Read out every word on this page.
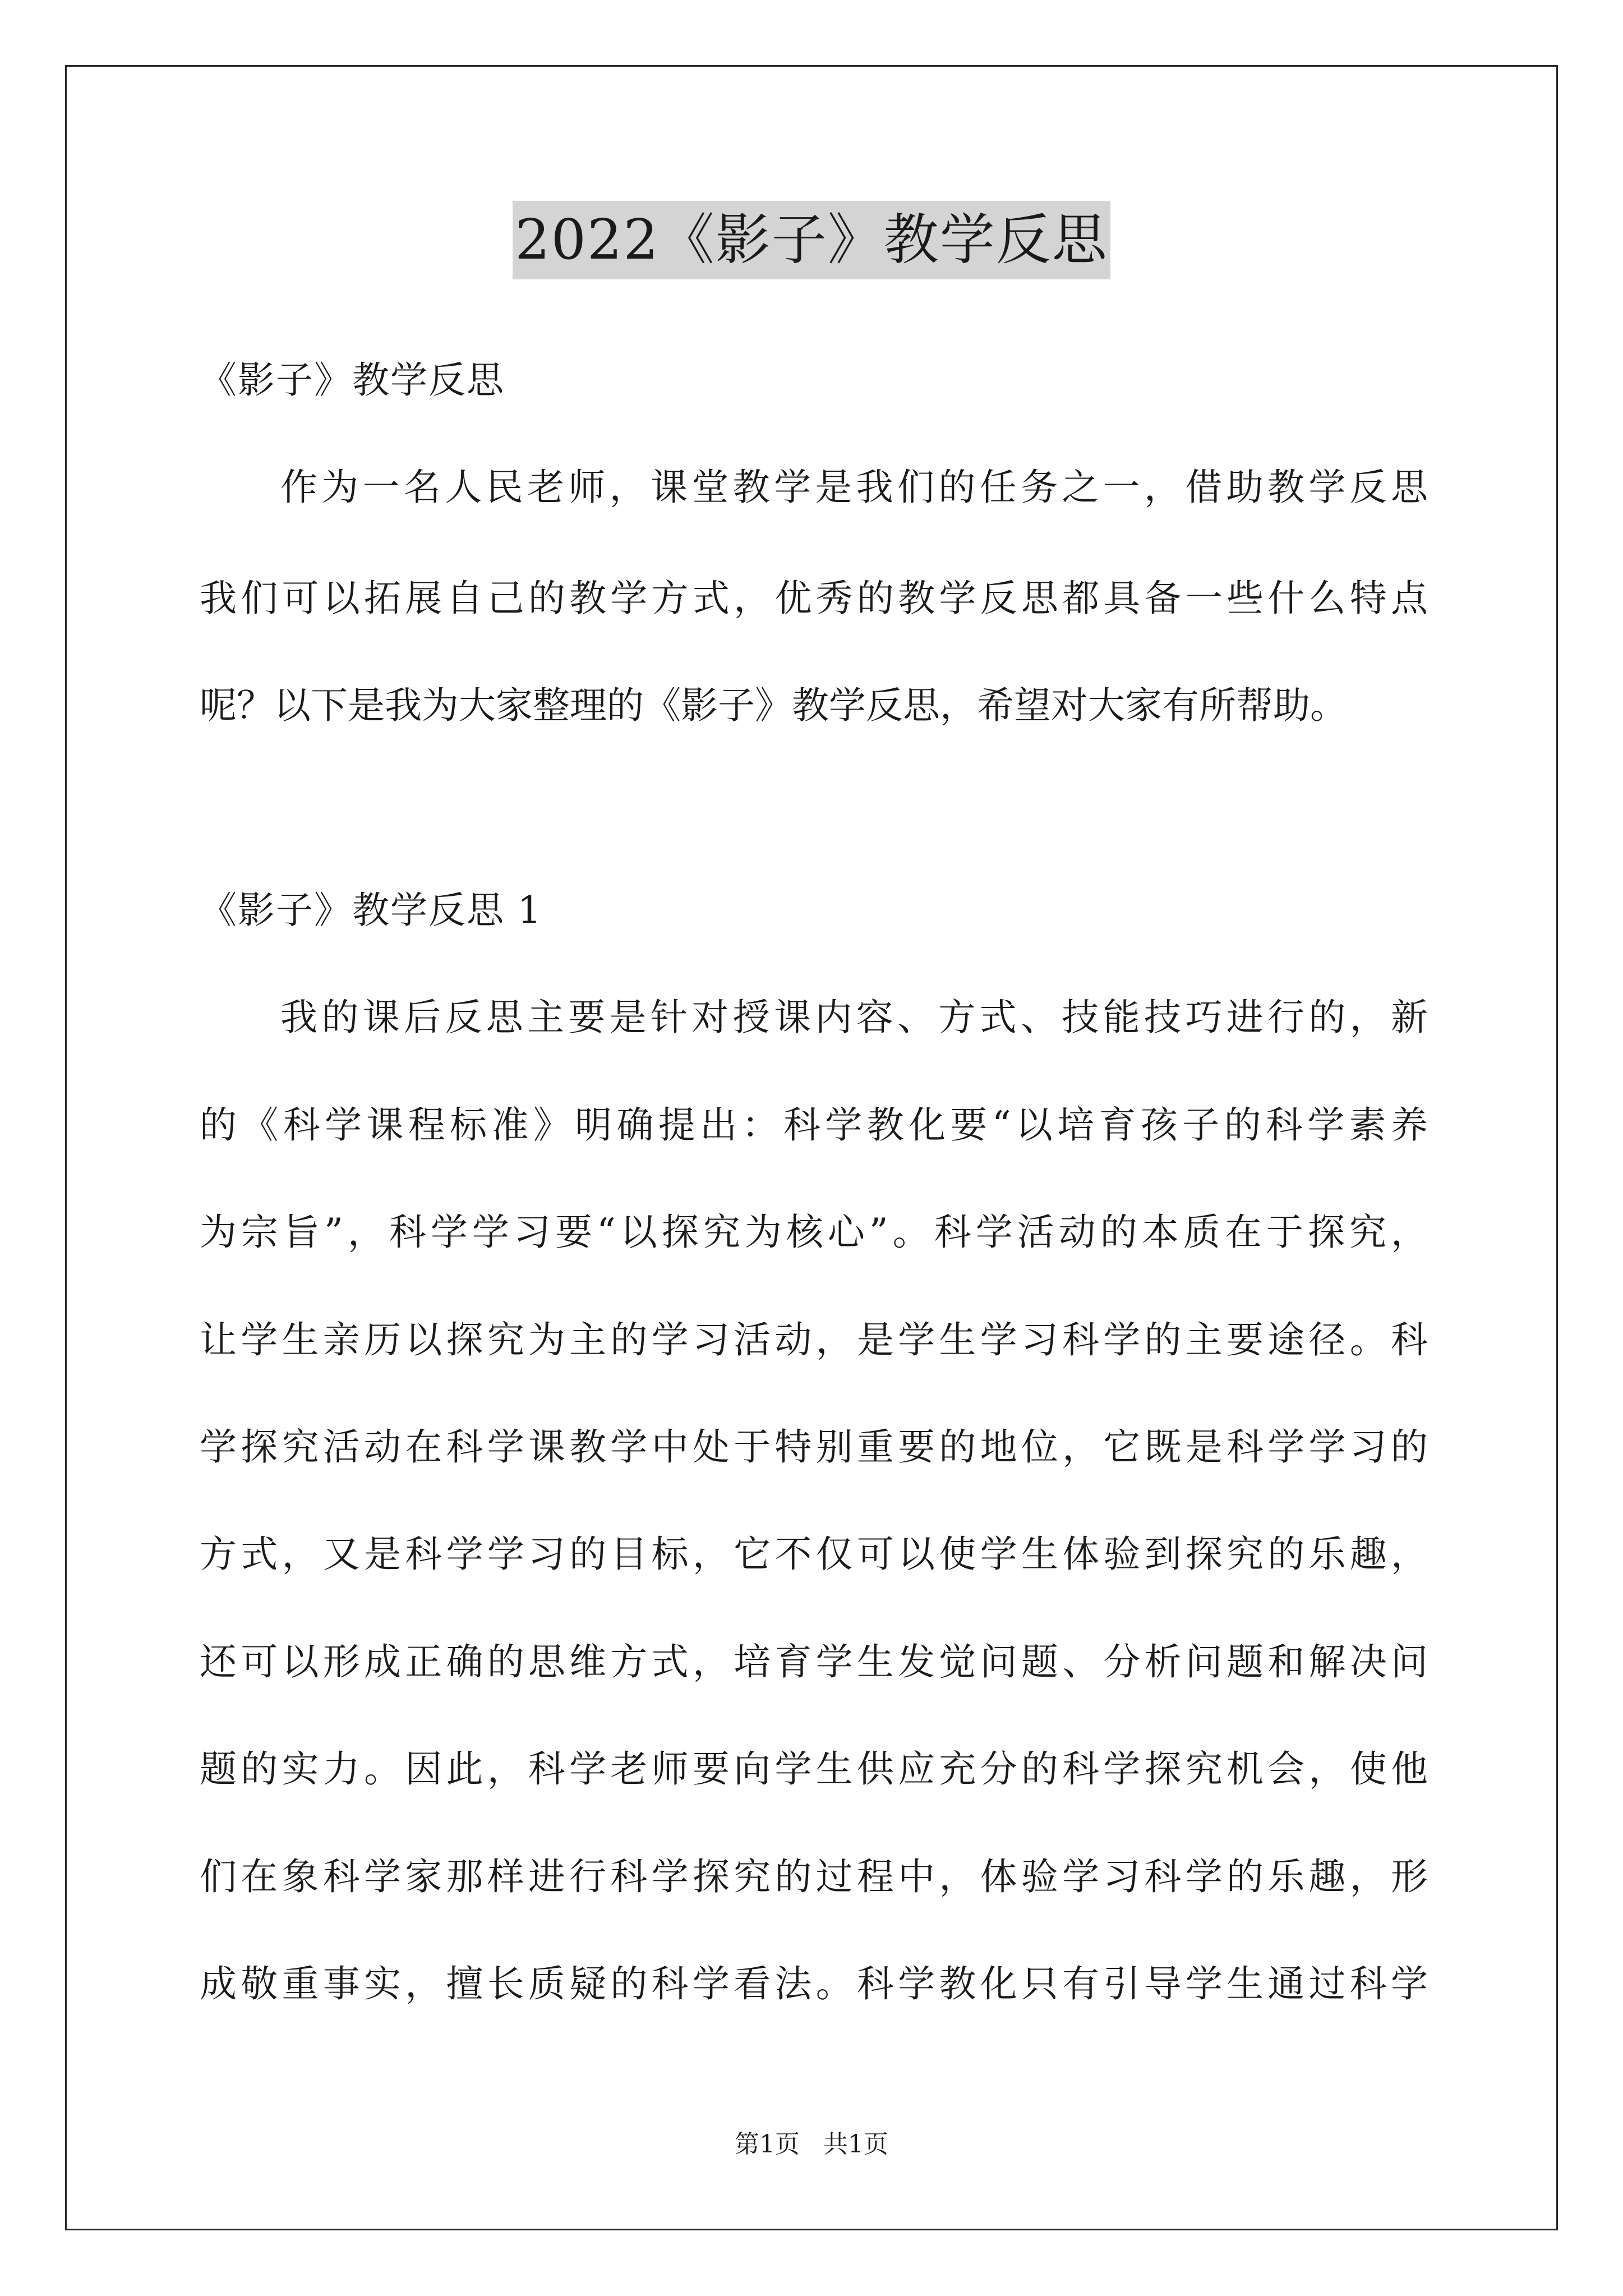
2022《影子》教学反思
《影子》教学反思
作为一名人民老师，课堂教学是我们的任务之一，借助教学反思
我们可以拓展自己的教学方式，优秀的教学反思都具备一些什么特点
呢？以下是我为大家整理的《影子》教学反思，希望对大家有所帮助。
《影子》教学反思 1
我的课后反思主要是针对授课内容、方式、技能技巧进行的，新
的《科学课程标准》明确提出：科学教化要“以培育孩子的科学素养
为宗旨”，科学学习要“以探究为核心”。科学活动的本质在于探究，
让学生亲历以探究为主的学习活动，是学生学习科学的主要途径。科
学探究活动在科学课教学中处于特别重要的地位，它既是科学学习的
方式，又是科学学习的目标，它不仅可以使学生体验到探究的乐趣，
还可以形成正确的思维方式，培育学生发觉问题、分析问题和解决问
题的实力。因此，科学老师要向学生供应充分的科学探究机会，使他
们在象科学家那样进行科学探究的过程中，体验学习科学的乐趣，形
成敬重事实，擅长质疑的科学看法。科学教化只有引导学生通过科学
第1页   共1页
